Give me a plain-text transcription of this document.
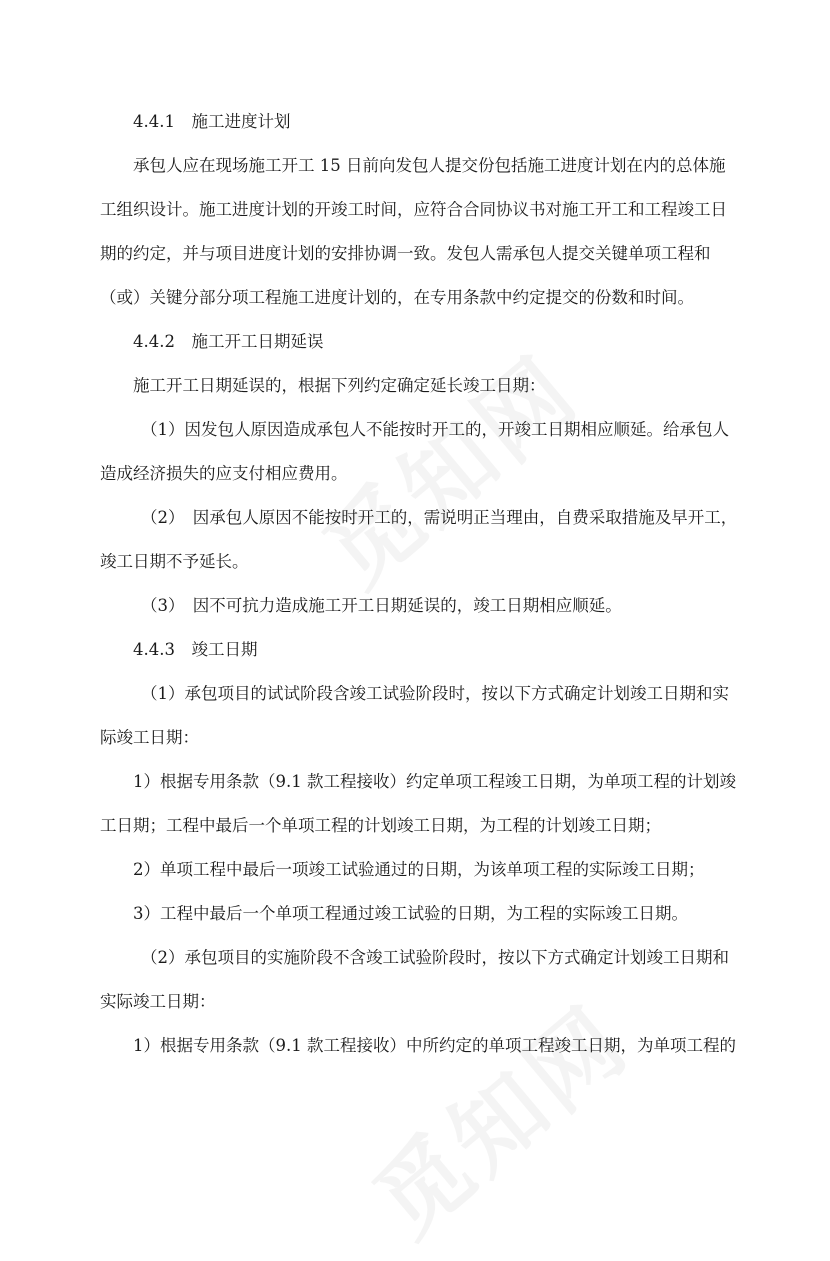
4.4.1　施工进度计划
承包人应在现场施工开工 15 日前向发包人提交份包括施工进度计划在内的总体施
工组织设计。施工进度计划的开竣工时间，应符合合同协议书对施工开工和工程竣工日
期的约定，并与项目进度计划的安排协调一致。发包人需承包人提交关键单项工程和
（或）关键分部分项工程施工进度计划的，在专用条款中约定提交的份数和时间。
4.4.2　施工开工日期延误
施工开工日期延误的，根据下列约定确定延长竣工日期：
（1）因发包人原因造成承包人不能按时开工的，开竣工日期相应顺延。给承包人
造成经济损失的应支付相应费用。
（2）　因承包人原因不能按时开工的，需说明正当理由，自费采取措施及早开工，
竣工日期不予延长。
（3）　因不可抗力造成施工开工日期延误的，竣工日期相应顺延。
4.4.3　竣工日期
（1）承包项目的试试阶段含竣工试验阶段时，按以下方式确定计划竣工日期和实
际竣工日期：
1）根据专用条款（9.1 款工程接收）约定单项工程竣工日期，为单项工程的计划竣
工日期；工程中最后一个单项工程的计划竣工日期，为工程的计划竣工日期；
2）单项工程中最后一项竣工试验通过的日期，为该单项工程的实际竣工日期；
3）工程中最后一个单项工程通过竣工试验的日期，为工程的实际竣工日期。
（2）承包项目的实施阶段不含竣工试验阶段时，按以下方式确定计划竣工日期和
实际竣工日期：
1）根据专用条款（9.1 款工程接收）中所约定的单项工程竣工日期，为单项工程的
